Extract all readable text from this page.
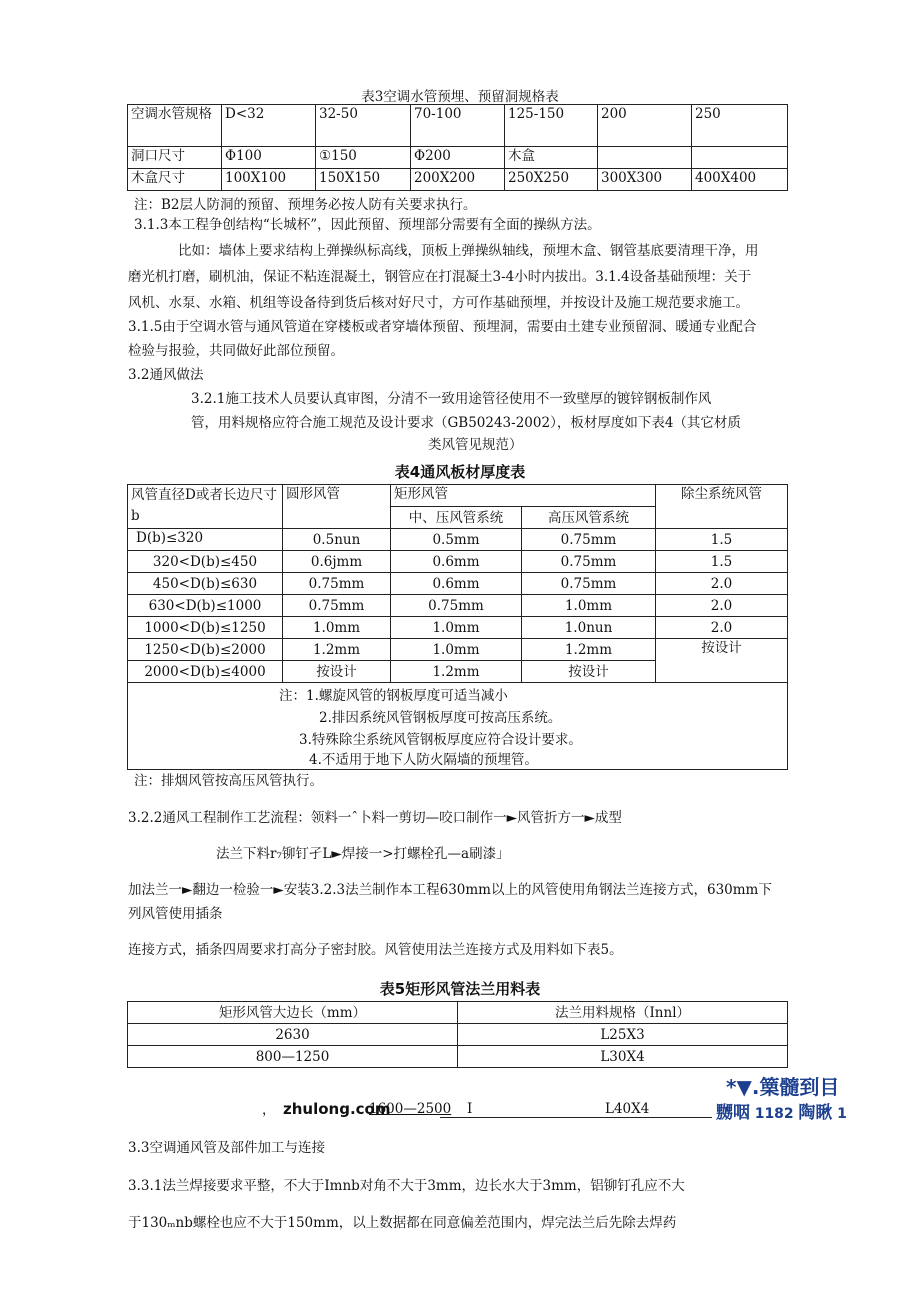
表3空调水管预埋、预留洞规格表
空调水管规格	D<32	32-50	70-100	125-150	200	250
洞口尺寸	Φ100	①150	Φ200	木盒		
木盒尺寸	100X100	150X150	200X200	250X250	300X300	400X400
注：B2层人防洞的预留、预埋务必按人防有关要求执行。
3.1.3本工程争创结构“长城杯”，因此预留、预埋部分需要有全面的操纵方法。
比如：墙体上要求结构上弹操纵标高线，顶板上弹操纵轴线，预埋木盒、钢管基底要清理干净，用
磨光机打磨，刷机油，保证不粘连混凝土，钢管应在打混凝土3-4小时内拔出。3.1.4设备基础预埋：关于
风机、水泵、水箱、机组等设备待到货后核对好尺寸，方可作基础预埋，并按设计及施工规范要求施工。
3.1.5由于空调水管与通风管道在穿楼板或者穿墙体预留、预埋洞，需要由土建专业预留洞、暖通专业配合
检验与报验，共同做好此部位预留。
3.2通风做法
3.2.1施工技术人员要认真审图，分清不一致用途管径使用不一致壁厚的镀锌钢板制作风
管，用料规格应符合施工规范及设计要求（GB50243-2002），板材厚度如下表4（其它材质
类风管见规范）
表4通风板材厚度表
风管直径D或者长边尺寸b	圆形风管	矩形风管		除尘系统风管
		中、压风管系统	高压风管系统	
D(b)≤320	0.5nun	0.5mm	0.75mm	1.5
320<D(b)≤450	0.6jmm	0.6mm	0.75mm	1.5
450<D(b)≤630	0.75mm	0.6mm	0.75mm	2.0
630<D(b)≤1000	0.75mm	0.75mm	1.0mm	2.0
1000<D(b)≤1250	1.0mm	1.0mm	1.0nun	2.0
1250<D(b)≤2000	1.2mm	1.0mm	1.2mm	按设计
2000<D(b)≤4000	按设计	1.2mm	按设计	

注：1.螺旋风管的钢板厚度可适当减小
2.排因系统风管钢板厚度可按高压系统。
3.特殊除尘系统风管钢板厚度应符合设计要求。
4.不适用于地下人防火隔墙的预埋管。				
注：排烟风管按高压风管执行。
3.2.2通风工程制作工艺流程：领料一ˆ卜料一剪切—咬口制作一►风管折方一►成型
法兰下料r₇铆钉孑L►焊接一>打螺栓孔—a刷漆」
加法兰一►翻边一检验一►安装3.2.3法兰制作本工程630mm以上的风管使用角钢法兰连接方式，630mm下
列风管使用插条
连接方式，插条四周要求打高分子密封胶。风管使用法兰连接方式及用料如下表5。
表5矩形风管法兰用料表
矩形风管大边长（mm）	法兰用料规格（Innl）
2630	L25X3
800—1250	L30X4
*▼.篥髓到目
， zhulong.com
1600—2500 I	L40X4	嬲咽 1182 陶瞅 1
3.3空调通风管及部件加工与连接
3.3.1法兰焊接要求平整，不大于Imnb对角不大于3mm，边长水大于3mm，铝铆钉孔应不大
于130ₘnb螺栓也应不大于150mm，以上数据都在同意偏差范围内，焊完法兰后先除去焊药
